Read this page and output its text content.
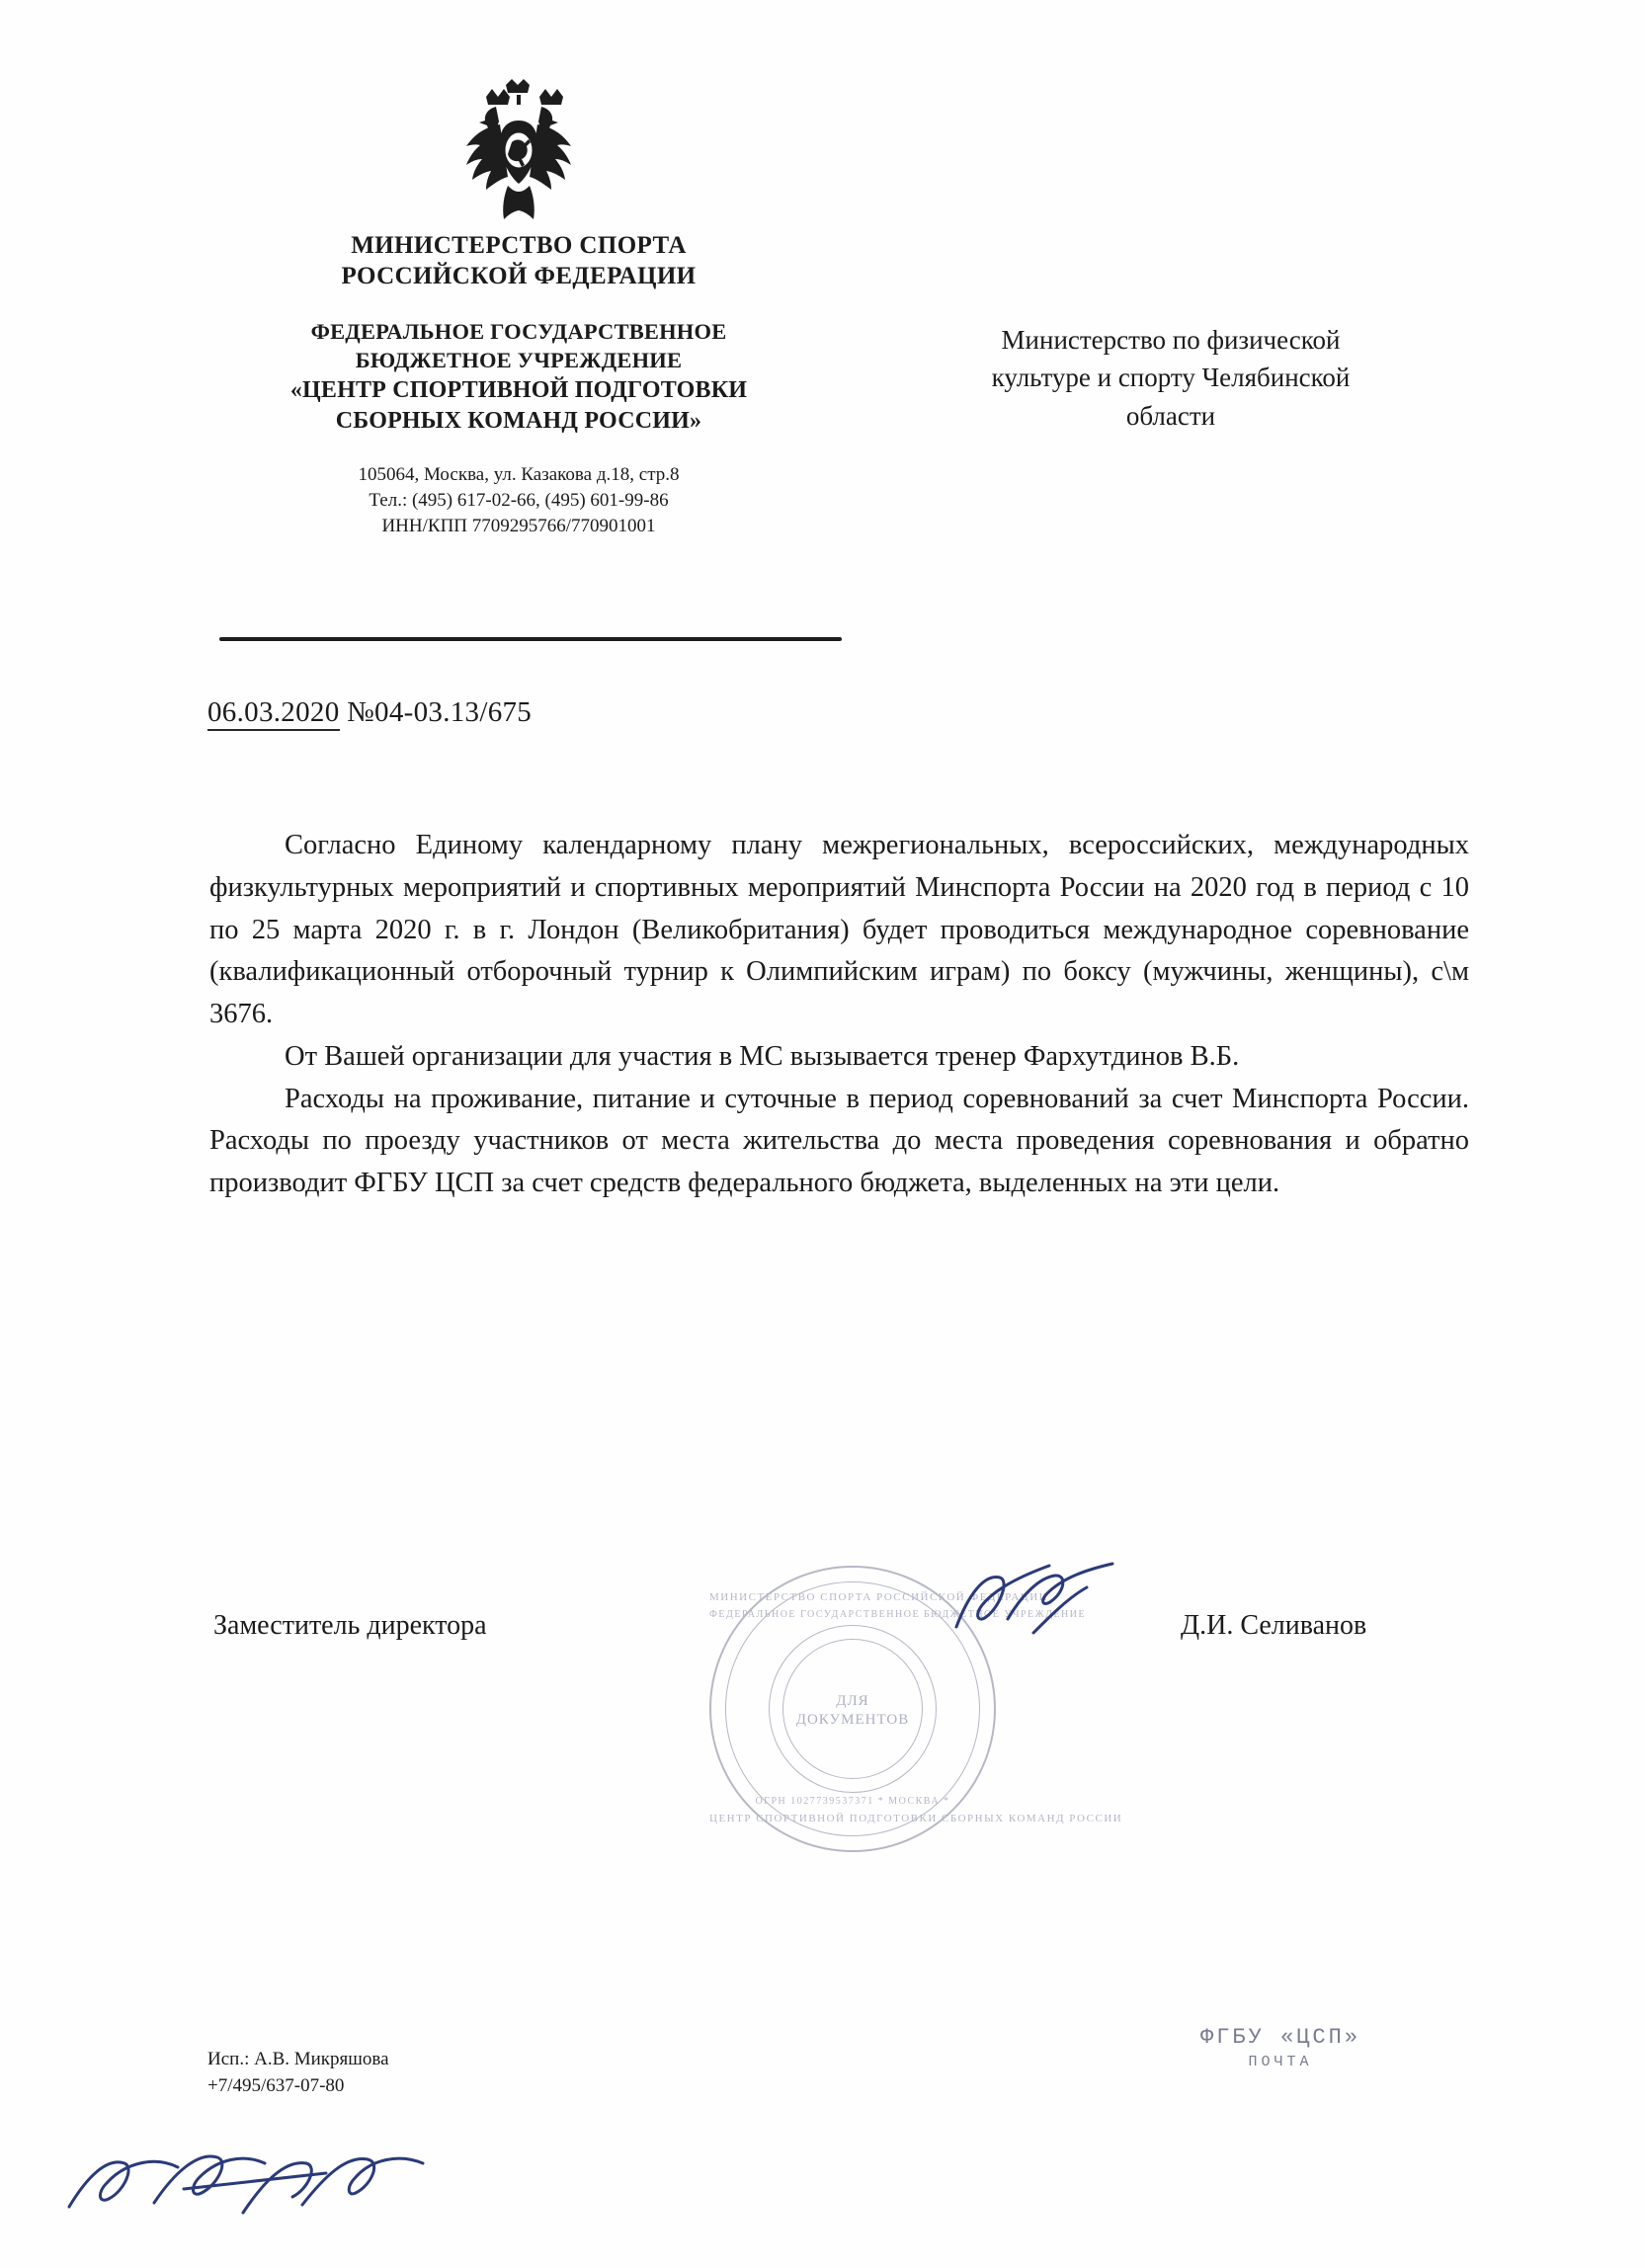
МИНИСТЕРСТВО СПОРТА
РОССИЙСКОЙ ФЕДЕРАЦИИ
ФЕДЕРАЛЬНОЕ ГОСУДАРСТВЕННОЕ
БЮДЖЕТНОЕ УЧРЕЖДЕНИЕ
«ЦЕНТР СПОРТИВНОЙ ПОДГОТОВКИ
СБОРНЫХ КОМАНД РОССИИ»
105064, Москва, ул. Казакова д.18, стр.8
Тел.: (495) 617-02-66, (495) 601-99-86
ИНН/КПП 7709295766/770901001
Министерство по физической
культуре и спорту Челябинской
области
06.03.2020 №04-03.13/675

Согласно Единому календарному плану межрегиональных, всероссийских, международных физкультурных мероприятий и спортивных мероприятий Минспорта России на 2020 год в период с 10 по 25 марта 2020 г. в г. Лондон (Великобритания) будет проводиться международное соревнование (квалификационный отборочный турнир к Олимпийским играм) по боксу (мужчины, женщины), с\м 3676.

От Вашей организации для участия в МС вызывается тренер Фархутдинов В.Б.

Расходы на проживание, питание и суточные в период соревнований за счет Минспорта России. Расходы по проезду участников от места жительства до места проведения соревнования и обратно производит ФГБУ ЦСП за счет средств федерального бюджета, выделенных на эти цели.

Заместитель директора	Д.И. Селиванов
МИНИСТЕРСТВО СПОРТА РОССИЙСКОЙ ФЕДЕРАЦИИ
ФЕДЕРАЛЬНОЕ ГОСУДАРСТВЕННОЕ БЮДЖЕТНОЕ УЧРЕЖДЕНИЕ
ДЛЯ
ДОКУМЕНТОВ
ОГРН 1027739537371 * МОСКВА *
ЦЕНТР СПОРТИВНОЙ ПОДГОТОВКИ СБОРНЫХ КОМАНД РОССИИ
Исп.: А.В. Микряшова
+7/495/637-07-80
ФГБУ «ЦСП»
ПОЧТА
